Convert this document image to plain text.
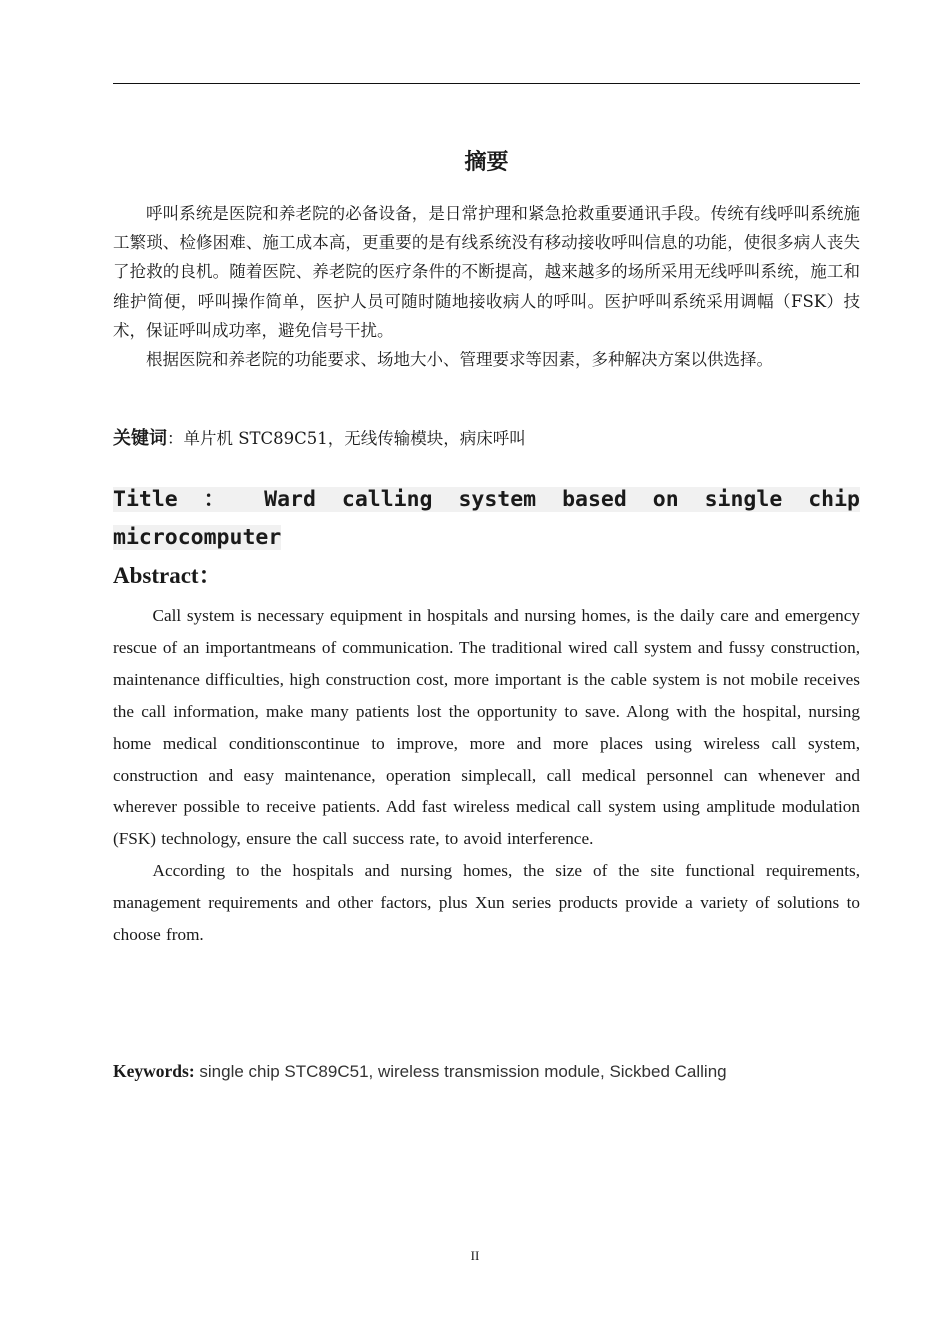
摘要

呼叫系统是医院和养老院的必备设备，是日常护理和紧急抢救重要通讯手段。传统有线呼叫系统施工繁琐、检修困难、施工成本高，更重要的是有线系统没有移动接收呼叫信息的功能，使很多病人丧失了抢救的良机。随着医院、养老院的医疗条件的不断提高，越来越多的场所采用无线呼叫系统，施工和维护简便，呼叫操作简单，医护人员可随时随地接收病人的呼叫。医护呼叫系统采用调幅（FSK）技术，保证呼叫成功率，避免信号干扰。

根据医院和养老院的功能要求、场地大小、管理要求等因素，多种解决方案以供选择。

关键词：单片机 STC89C51，无线传输模块，病床呼叫

Title ： Ward calling system based on single chip microcomputer

Abstract：

Call system is necessary equipment in hospitals and nursing homes, is the daily care and emergency rescue of an importantmeans of communication. The traditional wired call system and fussy construction, maintenance difficulties, high construction cost, more important is the cable system is not mobile receives the call information, make many patients lost the opportunity to save. Along with the hospital, nursing home medical conditionscontinue to improve, more and more places using wireless call system, construction and easy maintenance, operation simplecall, call medical personnel can whenever and wherever possible to receive patients. Add fast wireless medical call system using amplitude modulation (FSK) technology, ensure the call success rate, to avoid interference.

According to the hospitals and nursing homes, the size of the site functional requirements, management requirements and other factors, plus Xun series products provide a variety of solutions to choose from.

Keywords: single chip STC89C51, wireless transmission module, Sickbed Calling

II
